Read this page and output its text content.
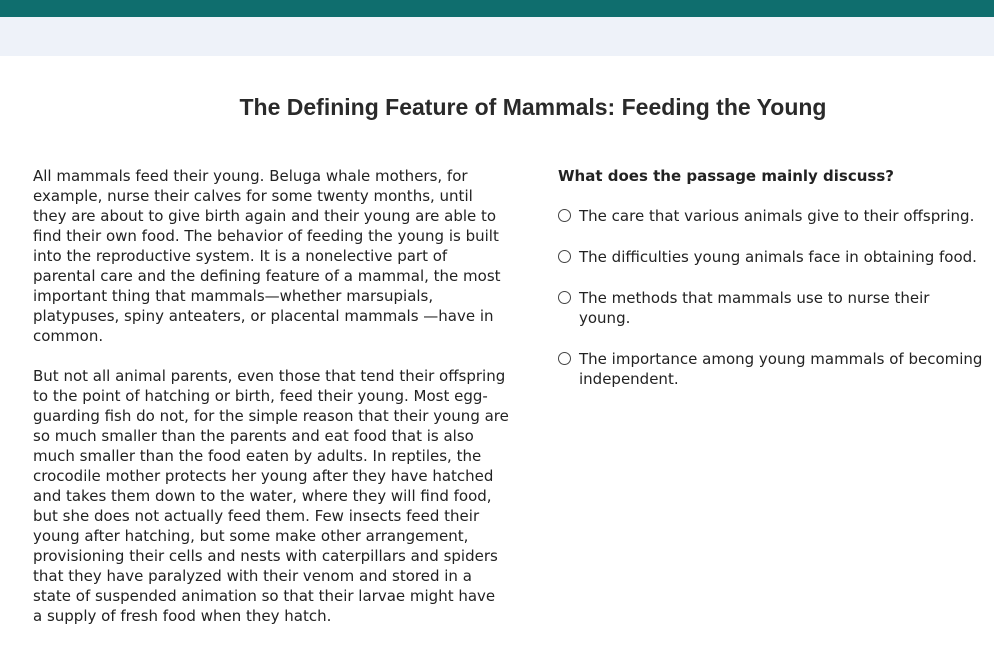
The Defining Feature of Mammals: Feeding the Young

All mammals feed their young. Beluga whale mothers, for example, nurse their calves for some twenty months, until they are about to give birth again and their young are able to find their own food. The behavior of feeding the young is built into the reproductive system. It is a nonelective part of parental care and the defining feature of a mammal, the most important thing that mammals—whether marsupials, platypuses, spiny anteaters, or placental mammals —have in common.

But not all animal parents, even those that tend their offspring to the point of hatching or birth, feed their young. Most egg-guarding fish do not, for the simple reason that their young are so much smaller than the parents and eat food that is also much smaller than the food eaten by adults. In reptiles, the crocodile mother protects her young after they have hatched and takes them down to the water, where they will find food, but she does not actually feed them. Few insects feed their young after hatching, but some make other arrangement, provisioning their cells and nests with caterpillars and spiders that they have paralyzed with their venom and stored in a state of suspended animation so that their larvae might have a supply of fresh food when they hatch.

What does the passage mainly discuss?
The care that various animals give to their offspring.
The difficulties young animals face in obtaining food.
The methods that mammals use to nurse their young.
The importance among young mammals of becoming independent.
